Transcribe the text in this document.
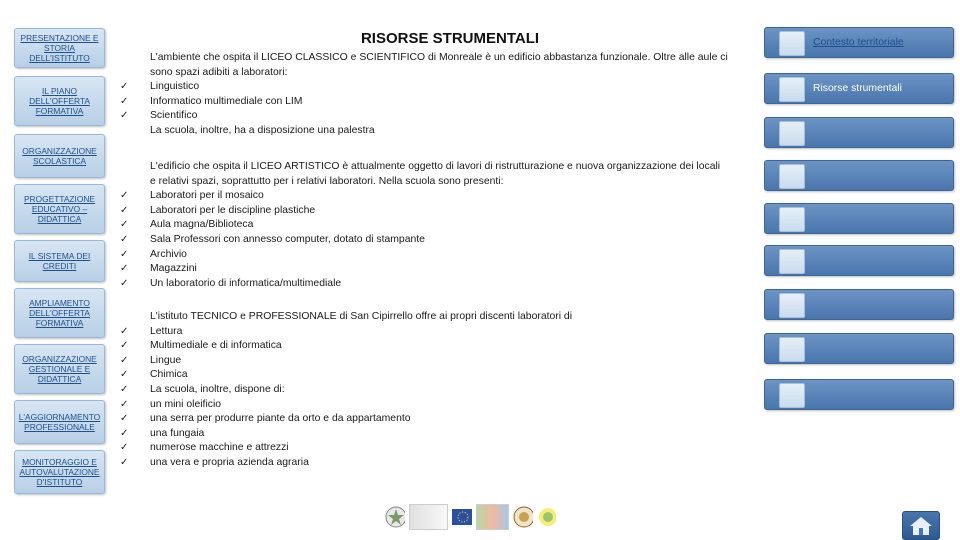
PRESENTAZIONE E STORIA DELL'ISTITUTO
IL PIANO DELL'OFFERTA FORMATIVA
ORGANIZZAZIONE SCOLASTICA
PROGETTAZIONE EDUCATIVO – DIDATTICA
IL SISTEMA DEI CREDITI
AMPLIAMENTO DELL'OFFERTA FORMATIVA
ORGANIZZAZIONE GESTIONALE E DIDATTICA
L'AGGIORNAMENTO PROFESSIONALE
MONITORAGGIO E AUTOVALUTAZIONE D'ISTITUTO
RISORSE STRUMENTALI
L'ambiente che ospita il LICEO CLASSICO e SCIENTIFICO di Monreale è un edificio abbastanza funzionale. Oltre alle aule ci
sono spazi adibiti a laboratori:
✓ Linguistico
✓ Informatico multimediale con LIM
✓ Scientifico
La scuola, inoltre, ha a disposizione una palestra
L'edificio che ospita il LICEO ARTISTICO è attualmente oggetto di lavori di ristrutturazione e nuova organizzazione dei locali
e relativi spazi, soprattutto per i relativi laboratori. Nella scuola sono presenti:
✓ Laboratori per il mosaico
✓ Laboratori per le discipline plastiche
✓ Aula magna/Biblioteca
✓ Sala Professori con annesso computer, dotato di stampante
✓ Archivio
✓ Magazzini
✓ Un laboratorio di informatica/multimediale
L'istituto TECNICO e PROFESSIONALE di San Cipirrello offre ai propri discenti laboratori di
✓ Lettura
✓ Multimediale e di informatica
✓ Lingue
✓ Chimica
✓ La scuola, inoltre, dispone di:
✓ un mini oleificio
✓ una serra per produrre piante da orto e da appartamento
✓ una fungaia
✓ numerose macchine e attrezzi
✓ una vera e propria azienda agraria
Contesto territoriale
Risorse strumentali
